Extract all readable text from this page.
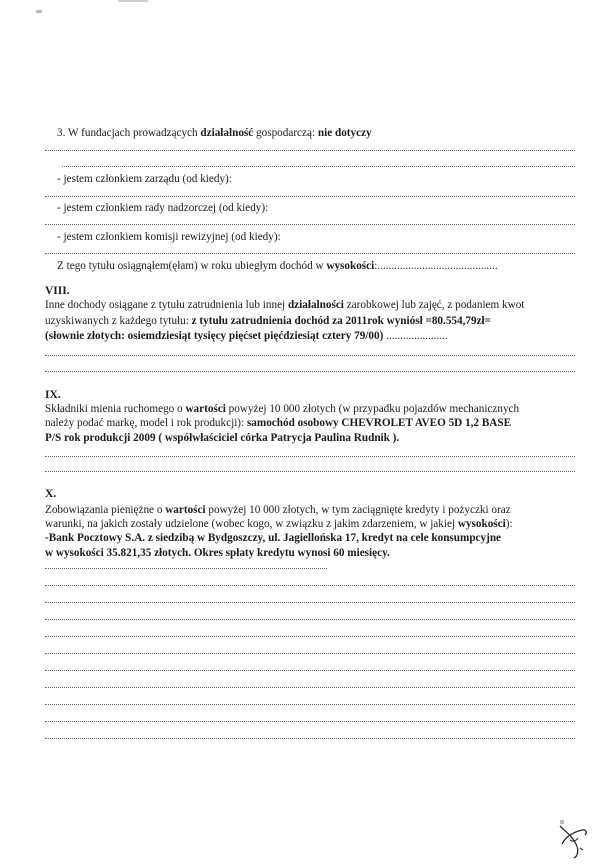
3. W fundacjach prowadzących działalność gospodarczą: nie dotyczy
- jestem członkiem zarządu (od kiedy):
- jestem członkiem rady nadzorczej (od kiedy):
- jestem członkiem komisji rewizyjnej (od kiedy):
Z tego tytułu osiągnąłem(ęłam) w roku ubiegłym dochód w wysokości:...........................................
VIII.
Inne dochody osiągane z tytułu zatrudnienia lub innej działalności zarobkowej lub zajęć, z podaniem kwot
uzyskiwanych z każdego tytułu: z tytułu zatrudnienia dochód za 2011rok wyniósł =80.554,79zł=
(słownie złotych: osiemdziesiąt tysięcy pięćset pięćdziesiąt cztery 79/00) ......................
IX.
Składniki mienia ruchomego o wartości powyżej 10 000 złotych (w przypadku pojazdów mechanicznych
należy podać markę, model i rok produkcji): samochód osobowy CHEVROLET AVEO 5D 1,2 BASE
P/S rok produkcji 2009 ( współwłaściciel córka Patrycja Paulina Rudnik ).
X.
Zobowiązania pieniężne o wartości powyżej 10 000 złotych, w tym zaciągnięte kredyty i pożyczki oraz
warunki, na jakich zostały udzielone (wobec kogo, w związku z jakim zdarzeniem, w jakiej wysokości):
-Bank Pocztowy S.A. z siedzibą w Bydgoszczy, ul. Jagiellońska 17, kredyt na cele konsumpcyjne
w wysokości 35.821,35 złotych. Okres spłaty kredytu wynosi 60 miesięcy.
